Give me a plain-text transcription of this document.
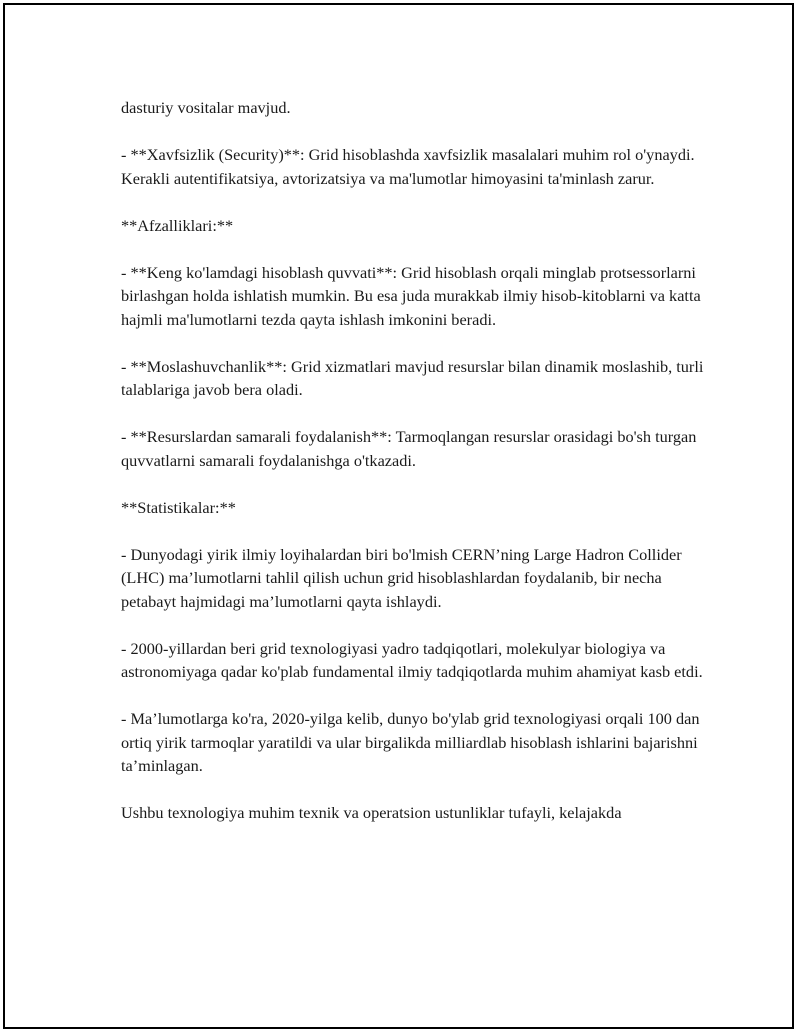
dasturiy vositalar mavjud.

- **Xavfsizlik (Security)**: Grid hisoblashda xavfsizlik masalalari muhim rol o'ynaydi. Kerakli autentifikatsiya, avtorizatsiya va ma'lumotlar himoyasini ta'minlash zarur.

**Afzalliklari:**

- **Keng ko'lamdagi hisoblash quvvati**: Grid hisoblash orqali minglab protsessorlarni birlashgan holda ishlatish mumkin. Bu esa juda murakkab ilmiy hisob-kitoblarni va katta hajmli ma'lumotlarni tezda qayta ishlash imkonini beradi.

- **Moslashuvchanlik**: Grid xizmatlari mavjud resurslar bilan dinamik moslashib, turli talablariga javob bera oladi.

- **Resurslardan samarali foydalanish**: Tarmoqlangan resurslar orasidagi bo'sh turgan quvvatlarni samarali foydalanishga o'tkazadi.

**Statistikalar:**

- Dunyodagi yirik ilmiy loyihalardan biri bo'lmish CERN’ning Large Hadron Collider (LHC) ma’lumotlarni tahlil qilish uchun grid hisoblashlardan foydalanib, bir necha petabayt hajmidagi ma’lumotlarni qayta ishlaydi.

- 2000-yillardan beri grid texnologiyasi yadro tadqiqotlari, molekulyar biologiya va astronomiyaga qadar ko'plab fundamental ilmiy tadqiqotlarda muhim ahamiyat kasb etdi.

- Ma’lumotlarga ko'ra, 2020-yilga kelib, dunyo bo'ylab grid texnologiyasi orqali 100 dan ortiq yirik tarmoqlar yaratildi va ular birgalikda milliardlab hisoblash ishlarini bajarishni ta’minlagan.

Ushbu texnologiya muhim texnik va operatsion ustunliklar tufayli, kelajakda
